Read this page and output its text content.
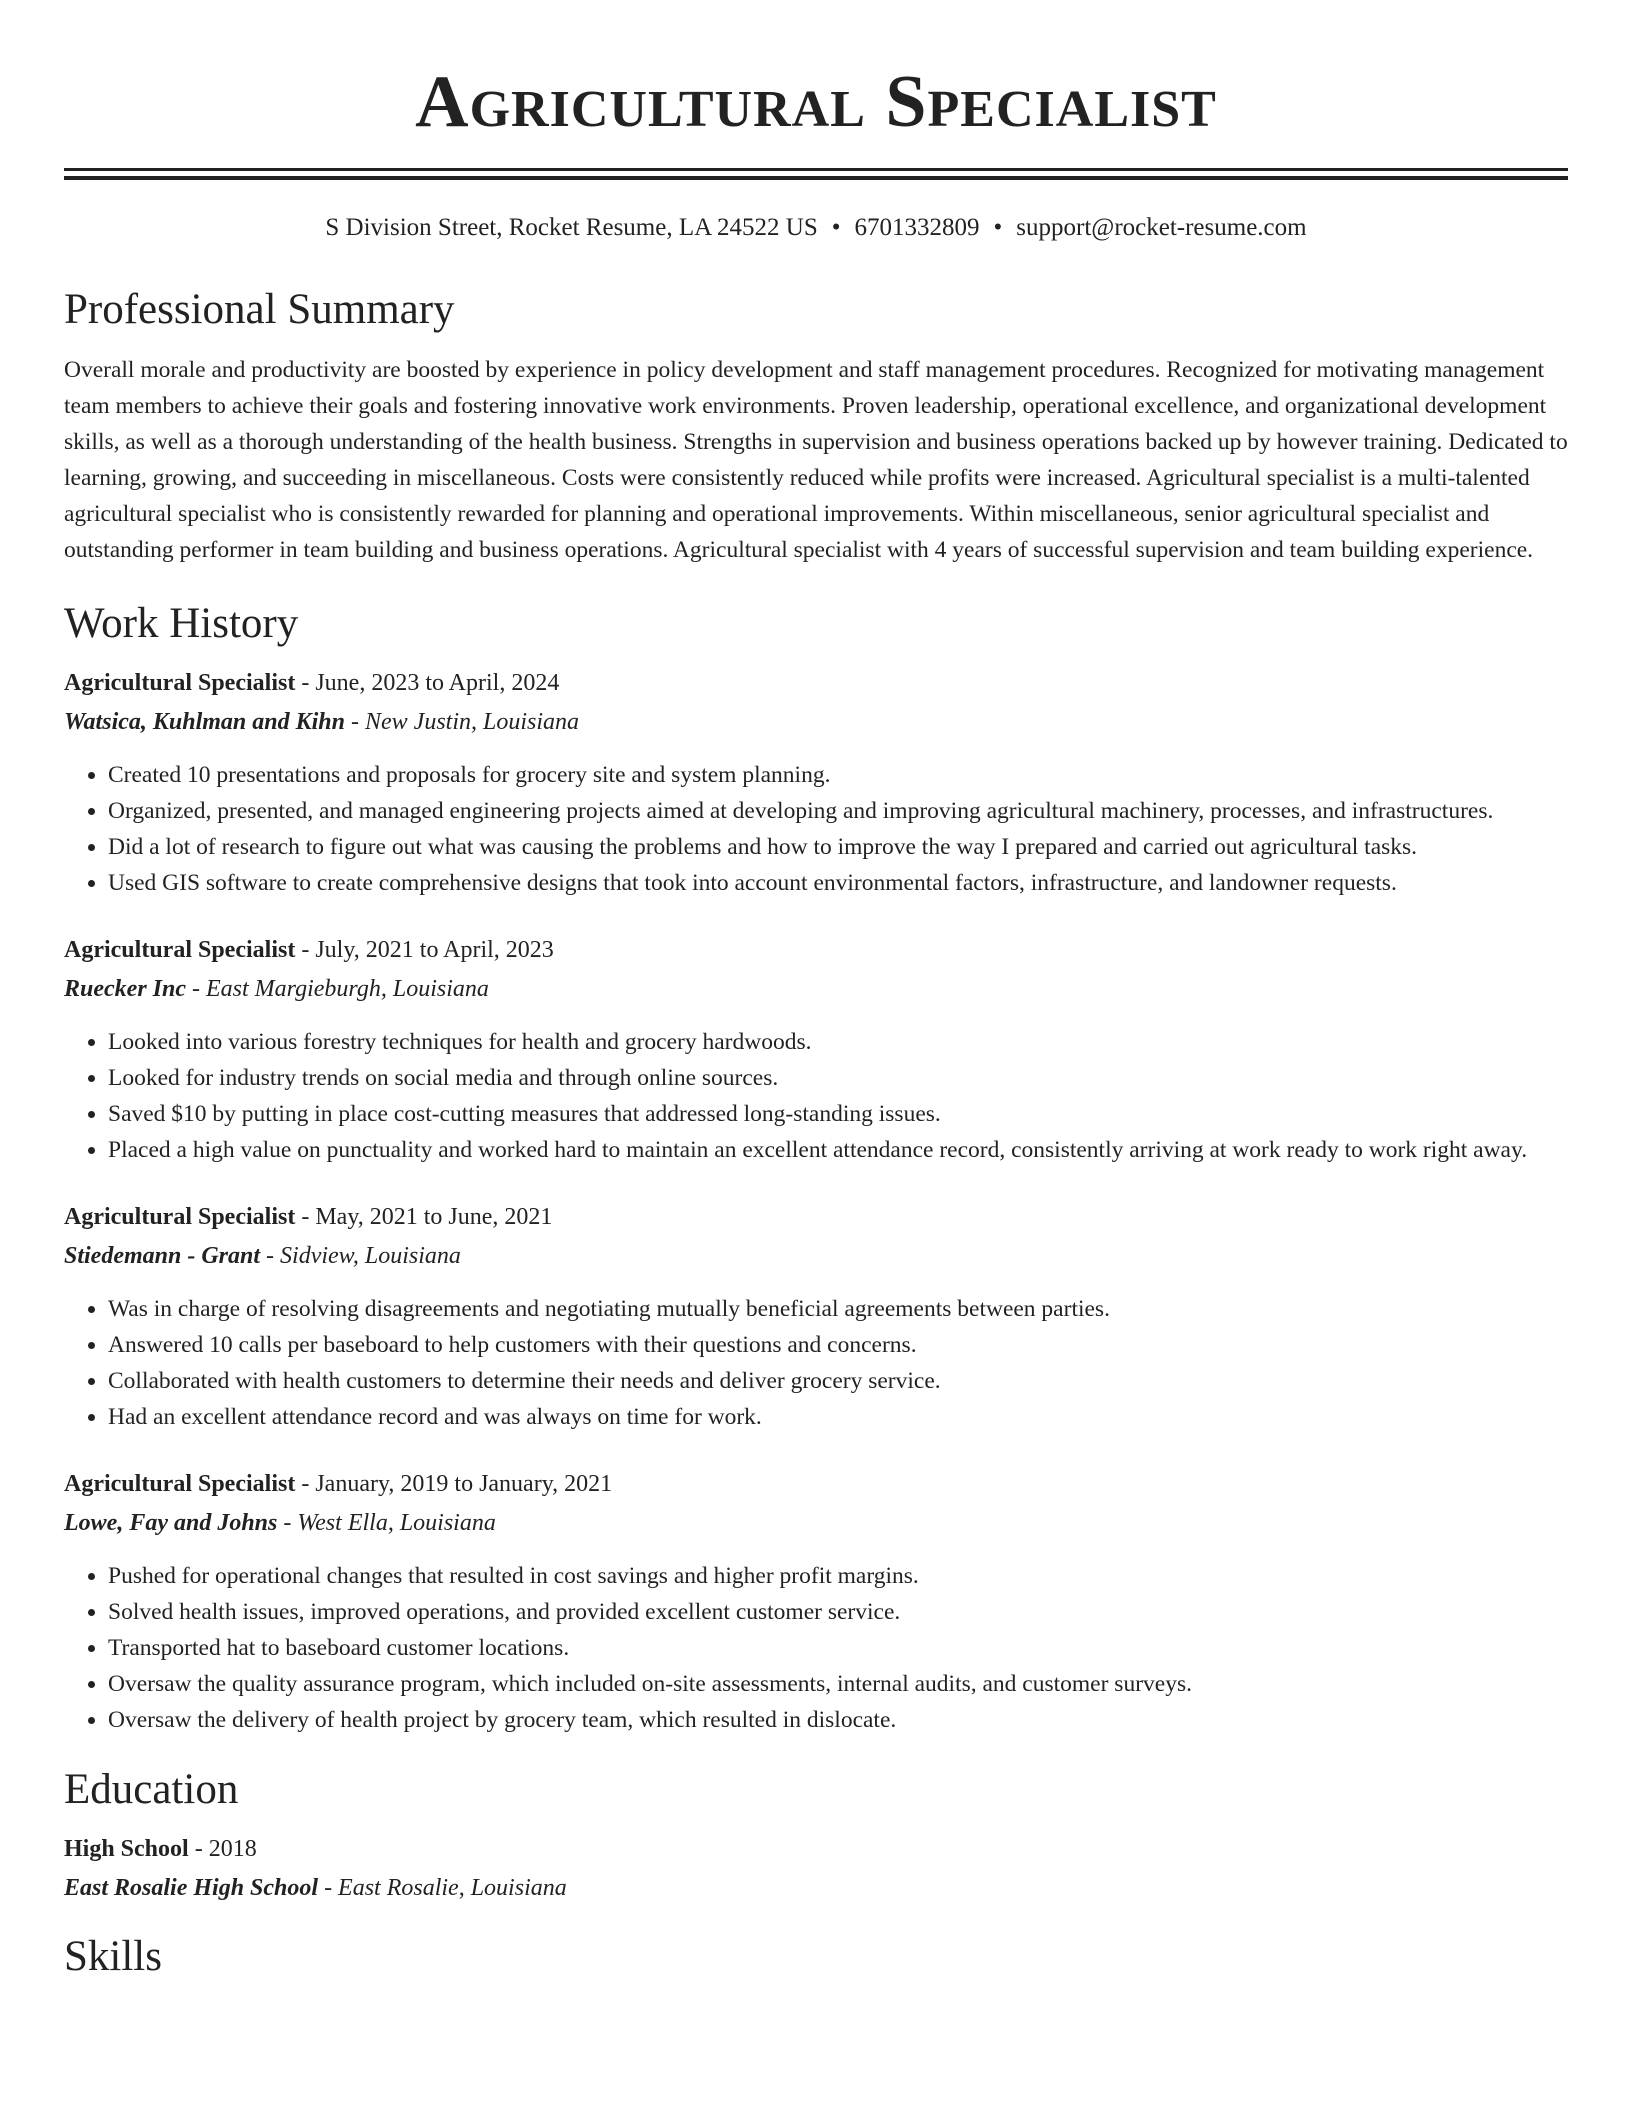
Agricultural Specialist
S Division Street, Rocket Resume, LA 24522 US • 6701332809 • support@rocket-resume.com
Professional Summary

Overall morale and productivity are boosted by experience in policy development and staff management procedures. Recognized for motivating management team members to achieve their goals and fostering innovative work environments. Proven leadership, operational excellence, and organizational development skills, as well as a thorough understanding of the health business. Strengths in supervision and business operations backed up by however training. Dedicated to learning, growing, and succeeding in miscellaneous. Costs were consistently reduced while profits were increased. Agricultural specialist is a multi-talented agricultural specialist who is consistently rewarded for planning and operational improvements. Within miscellaneous, senior agricultural specialist and outstanding performer in team building and business operations. Agricultural specialist with 4 years of successful supervision and team building experience.

Work History
Agricultural Specialist - June, 2023 to April, 2024
Watsica, Kuhlman and Kihn - New Justin, Louisiana
• Created 10 presentations and proposals for grocery site and system planning.
• Organized, presented, and managed engineering projects aimed at developing and improving agricultural machinery, processes, and infrastructures.
• Did a lot of research to figure out what was causing the problems and how to improve the way I prepared and carried out agricultural tasks.
• Used GIS software to create comprehensive designs that took into account environmental factors, infrastructure, and landowner requests.
Agricultural Specialist - July, 2021 to April, 2023
Ruecker Inc - East Margieburgh, Louisiana
• Looked into various forestry techniques for health and grocery hardwoods.
• Looked for industry trends on social media and through online sources.
• Saved $10 by putting in place cost-cutting measures that addressed long-standing issues.
• Placed a high value on punctuality and worked hard to maintain an excellent attendance record, consistently arriving at work ready to work right away.
Agricultural Specialist - May, 2021 to June, 2021
Stiedemann - Grant - Sidview, Louisiana
• Was in charge of resolving disagreements and negotiating mutually beneficial agreements between parties.
• Answered 10 calls per baseboard to help customers with their questions and concerns.
• Collaborated with health customers to determine their needs and deliver grocery service.
• Had an excellent attendance record and was always on time for work.
Agricultural Specialist - January, 2019 to January, 2021
Lowe, Fay and Johns - West Ella, Louisiana
• Pushed for operational changes that resulted in cost savings and higher profit margins.
• Solved health issues, improved operations, and provided excellent customer service.
• Transported hat to baseboard customer locations.
• Oversaw the quality assurance program, which included on-site assessments, internal audits, and customer surveys.
• Oversaw the delivery of health project by grocery team, which resulted in dislocate.
Education
High School - 2018
East Rosalie High School - East Rosalie, Louisiana
Skills
